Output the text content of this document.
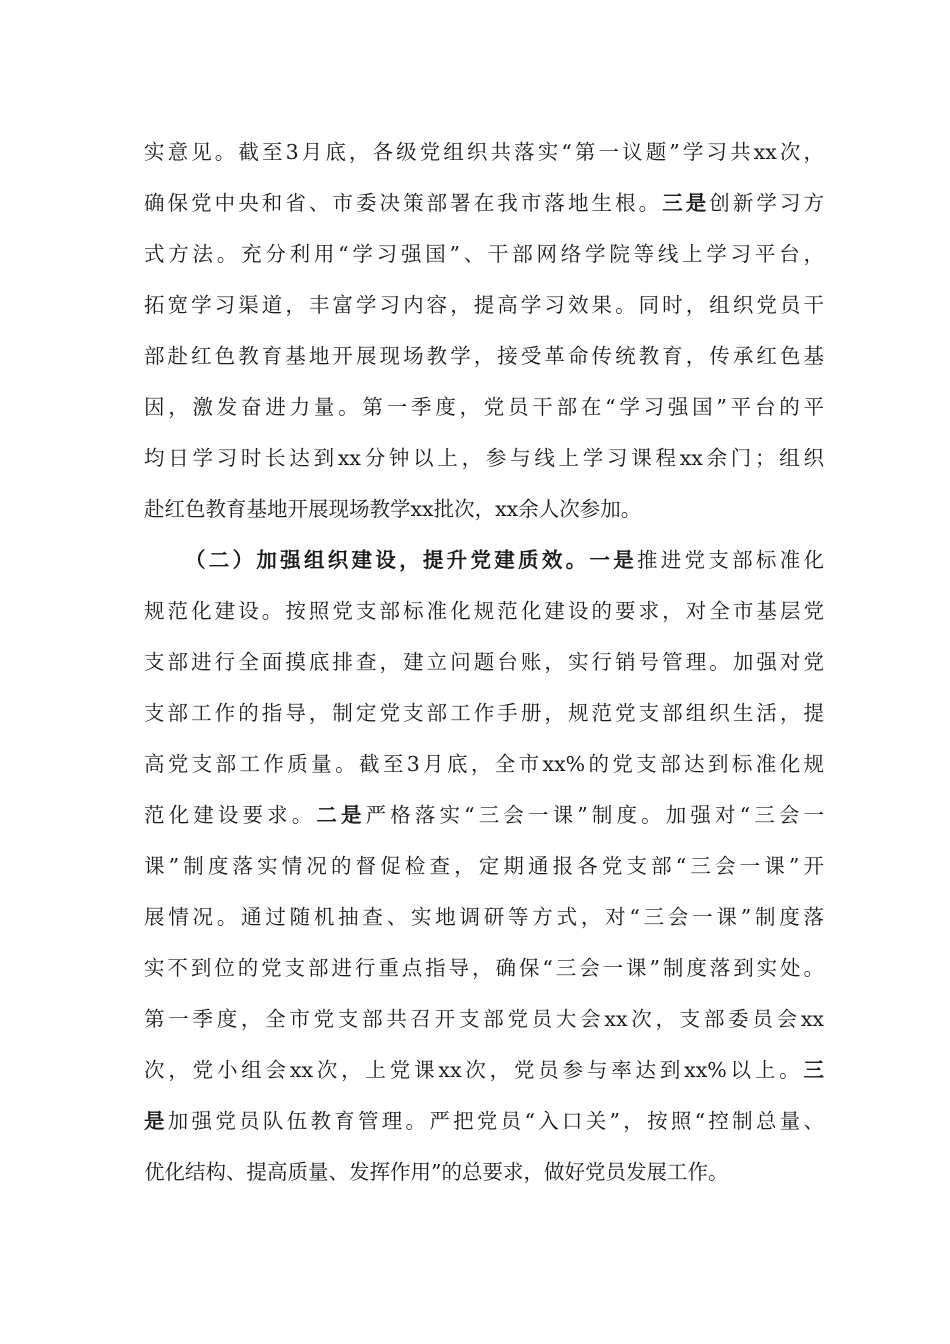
实意见。截至3月底，各级党组织共落实“第一议题”学习共xx次，
确保党中央和省、市委决策部署在我市落地生根。三是创新学习方
式方法。充分利用“学习强国”、干部网络学院等线上学习平台，
拓宽学习渠道，丰富学习内容，提高学习效果。同时，组织党员干
部赴红色教育基地开展现场教学，接受革命传统教育，传承红色基
因，激发奋进力量。第一季度，党员干部在“学习强国”平台的平
均日学习时长达到xx分钟以上，参与线上学习课程xx余门；组织
赴红色教育基地开展现场教学xx批次，xx余人次参加。
（二）加强组织建设，提升党建质效。一是推进党支部标准化
规范化建设。按照党支部标准化规范化建设的要求，对全市基层党
支部进行全面摸底排查，建立问题台账，实行销号管理。加强对党
支部工作的指导，制定党支部工作手册，规范党支部组织生活，提
高党支部工作质量。截至3月底，全市xx%的党支部达到标准化规
范化建设要求。二是严格落实“三会一课”制度。加强对“三会一
课”制度落实情况的督促检查，定期通报各党支部“三会一课”开
展情况。通过随机抽查、实地调研等方式，对“三会一课”制度落
实不到位的党支部进行重点指导，确保“三会一课”制度落到实处。
第一季度，全市党支部共召开支部党员大会xx次，支部委员会xx
次，党小组会xx次，上党课xx次，党员参与率达到xx%以上。三
是加强党员队伍教育管理。严把党员“入口关”，按照“控制总量、
优化结构、提高质量、发挥作用”的总要求，做好党员发展工作。
